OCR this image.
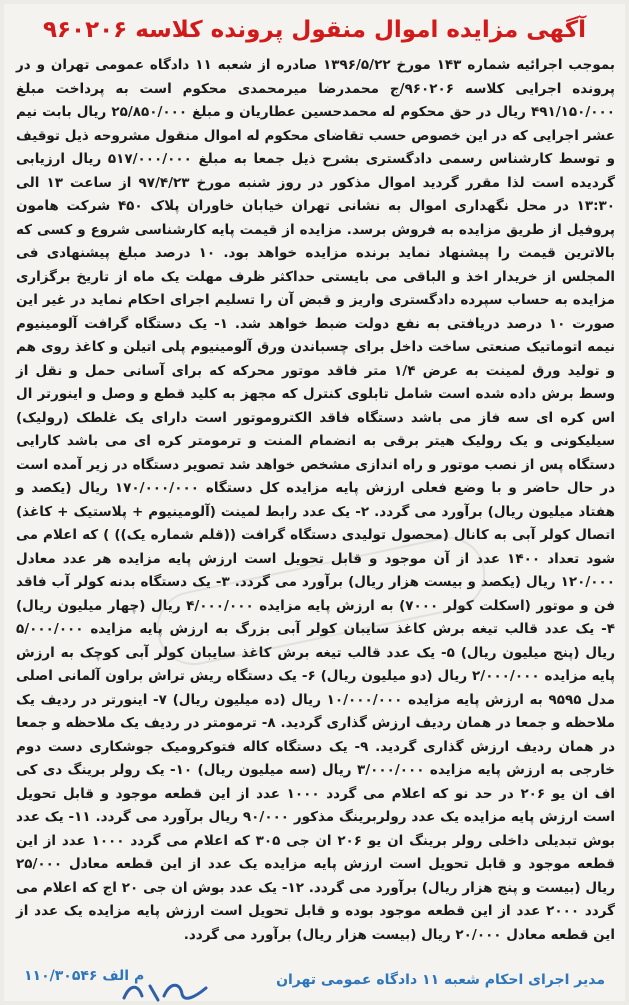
آگهی مزایده اموال منقول پرونده کلاسه ۹۶۰۲۰۶

بموجب اجرائیه شماره ۱۴۳ مورخ ۱۳۹۶/۵/۲۲ صادره از شعبه ۱۱ دادگاه عمومی تهران و در پرونده اجرایی کلاسه ۹۶۰۲۰۶/ج محمدرضا میرمحمدی محکوم است به پرداخت مبلغ ۴۹۱/۱۵۰/۰۰۰ ریال در حق محکوم له محمدحسین عطاریان و مبلغ ۲۵/۸۵۰/۰۰۰ ریال بابت نیم عشر اجرایی که در این خصوص حسب تقاضای محکوم له اموال منقول مشروحه ذیل توقیف و توسط کارشناس رسمی دادگستری بشرح ذیل جمعا به مبلغ ۵۱۷/۰۰۰/۰۰۰ ریال ارزیابی گردیده است لذا مقرر گردید اموال مذکور در روز شنبه مورخ ۹۷/۴/۲۳ از ساعت ۱۳ الی ۱۳:۳۰ در محل نگهداری اموال به نشانی تهران خیابان خاوران پلاک ۴۵۰ شرکت هامون پروفیل از طریق مزایده به فروش برسد. مزایده از قیمت پایه کارشناسی شروع و کسی که بالاترین قیمت را پیشنهاد نماید برنده مزایده خواهد بود. ۱۰ درصد مبلغ پیشنهادی فی المجلس از خریدار اخذ و الباقی می بایستی حداکثر ظرف مهلت یک ماه از تاریخ برگزاری مزایده به حساب سپرده دادگستری واریز و قبض آن را تسلیم اجرای احکام نماید در غیر این صورت ۱۰ درصد دریافتی به نفع دولت ضبط خواهد شد. ۱- یک دستگاه گرافت آلومینیوم نیمه اتوماتیک صنعتی ساخت داخل برای چسباندن ورق آلومینیوم پلی اتیلن و کاغذ روی هم و تولید ورق لمینت به عرض ۱/۴ متر فاقد موتور محرکه که برای آسانی حمل و نقل از وسط برش داده شده است شامل تابلوی کنترل که مجهز به کلید قطع و وصل و اینورتر ال اس کره ای سه فاز می باشد دستگاه فاقد الکتروموتور است دارای یک غلطک (رولیک) سیلیکونی و یک رولیک هیتر برقی به انضمام المنت و ترمومتر کره ای می باشد کارایی دستگاه پس از نصب موتور و راه اندازی مشخص خواهد شد تصویر دستگاه در زیر آمده است در حال حاضر و با وضع فعلی ارزش پایه مزایده کل دستگاه ۱۷۰/۰۰۰/۰۰۰ ریال (یکصد و هفتاد میلیون ریال) برآورد می گردد. ۲- یک عدد رابط لمینت (آلومینیوم + پلاستیک + کاغذ) اتصال کولر آبی به کانال (محصول تولیدی دستگاه گرافت ((قلم شماره یک)) ) که اعلام می شود تعداد ۱۴۰۰ عدد از آن موجود و قابل تحویل است ارزش پایه مزایده هر عدد معادل ۱۲۰/۰۰۰ ریال (یکصد و بیست هزار ریال) برآورد می گردد. ۳- یک دستگاه بدنه کولر آب فاقد فن و موتور (اسکلت کولر ۷۰۰۰) به ارزش پایه مزایده ۴/۰۰۰/۰۰۰ ریال (چهار میلیون ریال) ۴- یک عدد قالب تیغه برش کاغذ سایبان کولر آبی بزرگ به ارزش پایه مزایده ۵/۰۰۰/۰۰۰ ریال (پنج میلیون ریال) ۵- یک عدد قالب تیغه برش کاغذ سایبان کولر آبی کوچک به ارزش پایه مزایده ۲/۰۰۰/۰۰۰ ریال (دو میلیون ریال) ۶- یک دستگاه ریش تراش براون آلمانی اصلی مدل ۹۵۹۵ به ارزش پایه مزایده ۱۰/۰۰۰/۰۰۰ ریال (ده میلیون ریال) ۷- اینورتر در ردیف یک ملاحظه و جمعا در همان ردیف ارزش گذاری گردید. ۸- ترمومتر در ردیف یک ملاحظه و جمعا در همان ردیف ارزش گذاری گردید. ۹- یک دستگاه کاله فتوکرومیک جوشکاری دست دوم خارجی به ارزش پایه مزایده ۳/۰۰۰/۰۰۰ ریال (سه میلیون ریال) ۱۰- یک رولر برینگ دی کی اف ان یو ۲۰۶ در حد نو که اعلام می گردد ۱۰۰۰ عدد از این قطعه موجود و قابل تحویل است ارزش پایه مزایده یک عدد رولربرینگ مذکور ۹۰/۰۰۰ ریال برآورد می گردد. ۱۱- یک عدد بوش تبدیلی داخلی رولر برینگ ان یو ۲۰۶ ان جی ۳۰۵ که اعلام می گردد ۱۰۰۰ عدد از این قطعه موجود و قابل تحویل است ارزش پایه مزایده یک عدد از این قطعه معادل ۲۵/۰۰۰ ریال (بیست و پنج هزار ریال) برآورد می گردد. ۱۲- یک عدد بوش ان جی ۲۰ اج که اعلام می گردد ۲۰۰۰ عدد از این قطعه موجود بوده و قابل تحویل است ارزش پایه مزایده یک عدد از این قطعه معادل ۲۰/۰۰۰ ریال (بیست هزار ریال) برآورد می گردد.

مدیر اجرای احکام شعبه ۱۱ دادگاه عمومی تهران
م الف ۱۱۰/۳۰۵۴۶
